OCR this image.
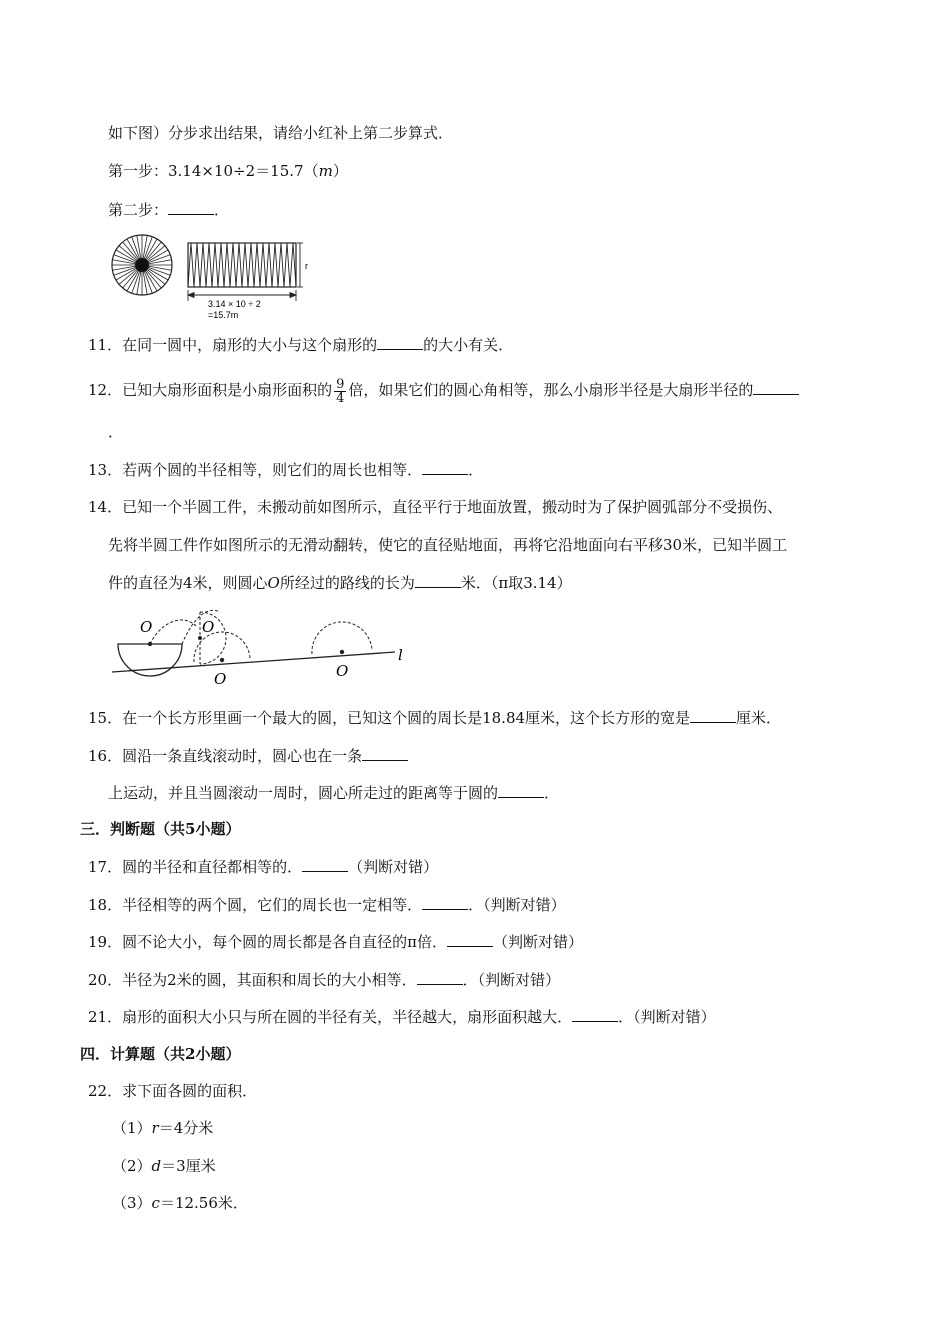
如下图）分步求出结果，请给小红补上第二步算式．
第一步：3.14×10÷2＝15.7（m）
第二步：	．
r
3.14 × 10 ÷ 2
=15.7m
11．在同一圆中，扇形的大小与这个扇形的	的大小有关．
12．已知大扇形面积是小扇形面积的 $\frac{9}{4}$ 倍，如果它们的圆心角相等，那么小扇形半径是大扇形半径的
．
13．若两个圆的半径相等，则它们的周长也相等．	．
14．已知一个半圆工件，未搬动前如图所示，直径平行于地面放置，搬动时为了保护圆弧部分不受损伤、
先将半圆工件作如图所示的无滑动翻转，使它的直径贴地面，再将它沿地面向右平移30米，已知半圆工
件的直径为4米，则圆心O所经过的路线的长为	米．（π取3.14）
O	O
O	O
l
15．在一个长方形里画一个最大的圆，已知这个圆的周长是18.84厘米，这个长方形的宽是	厘米．
16．圆沿一条直线滚动时，圆心也在一条
上运动，并且当圆滚动一周时，圆心所走过的距离等于圆的	．
三．判断题（共5小题）
17．圆的半径和直径都相等的．	（判断对错）
18．半径相等的两个圆，它们的周长也一定相等．	．（判断对错）
19．圆不论大小，每个圆的周长都是各自直径的π倍．	（判断对错）
20．半径为2米的圆，其面积和周长的大小相等．	．（判断对错）
21．扇形的面积大小只与所在圆的半径有关，半径越大，扇形面积越大．	．（判断对错）
四．计算题（共2小题）
22．求下面各圆的面积．
（1）r＝4分米
（2）d＝3厘米
（3）c＝12.56米．
